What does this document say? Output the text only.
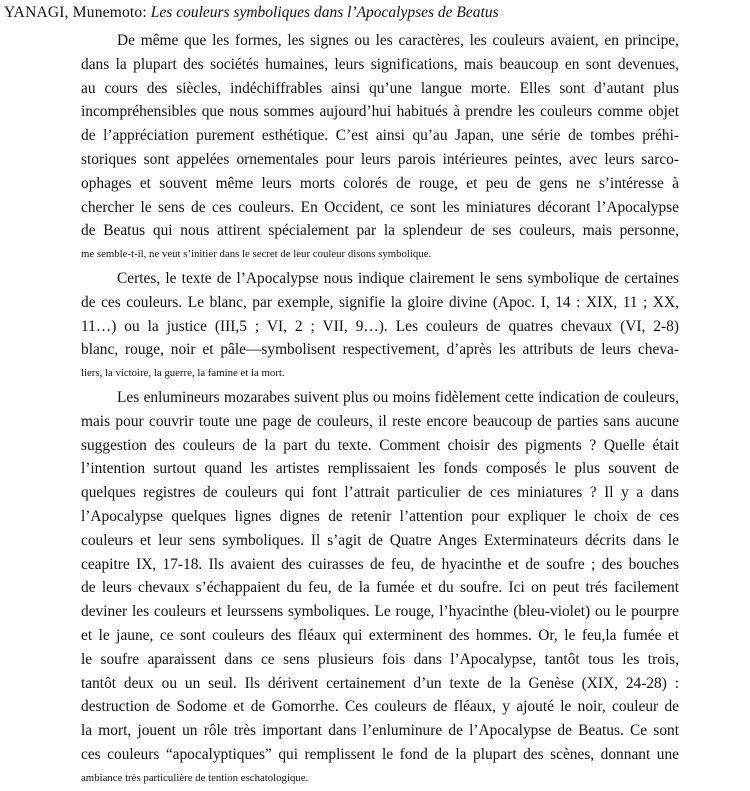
YANAGI, Munemoto: Les couleurs symboliques dans l’Apocalypses de Beatus
De même que les formes, les signes ou les caractères, les couleurs avaient, en principe,
dans la plupart des sociétés humaines, leurs significations, mais beaucoup en sont devenues,
au cours des siècles, indéchiffrables ainsi qu’une langue morte. Elles sont d’autant plus
incompréhensibles que nous sommes aujourd’hui habitués à prendre les couleurs comme objet
de l’appréciation purement esthétique. C’est ainsi qu’au Japan, une série de tombes préhi-
storiques sont appelées ornementales pour leurs parois intérieures peintes, avec leurs sarco-
ophages et souvent même leurs morts colorés de rouge, et peu de gens ne s’intéresse à
chercher le sens de ces couleurs. En Occident, ce sont les miniatures décorant l’Apocalypse
de Beatus qui nous attirent spécialement par la splendeur de ses couleurs, mais personne,
me semble-t-il, ne veut s’initier dans le secret de leur couleur disons symbolique.
Certes, le texte de l’Apocalypse nous indique clairement le sens symbolique de certaines
de ces couleurs. Le blanc, par exemple, signifie la gloire divine (Apoc. I, 14 : XIX, 11 ; XX,
11…) ou la justice (III,5 ; VI, 2 ; VII, 9…). Les couleurs de quatres chevaux (VI, 2-8)
blanc, rouge, noir et pâle—symbolisent respectivement, d’après les attributs de leurs cheva-
liers, la victoire, la guerre, la famine et la mort.
Les enlumineurs mozarabes suivent plus ou moins fidèlement cette indication de couleurs,
mais pour couvrir toute une page de couleurs, il reste encore beaucoup de parties sans aucune
suggestion des couleurs de la part du texte. Comment choisir des pigments ? Quelle était
l’intention surtout quand les artistes remplissaient les fonds composés le plus souvent de
quelques registres de couleurs qui font l’attrait particulier de ces miniatures ? Il y a dans
l’Apocalypse quelques lignes dignes de retenir l’attention pour expliquer le choix de ces
couleurs et leur sens symboliques. Il s’agit de Quatre Anges Exterminateurs décrits dans le
ceapitre IX, 17-18. Ils avaient des cuirasses de feu, de hyacinthe et de soufre ; des bouches
de leurs chevaux s’échappaient du feu, de la fumée et du soufre. Ici on peut trés facilement
deviner les couleurs et leurssens symboliques. Le rouge, l’hyacinthe (bleu-violet) ou le pourpre
et le jaune, ce sont couleurs des fléaux qui exterminent des hommes. Or, le feu,la fumée et
le soufre aparaissent dans ce sens plusieurs fois dans l’Apocalypse, tantôt tous les trois,
tantôt deux ou un seul. Ils dérivent certainement d’un texte de la Genèse (XIX, 24-28) :
destruction de Sodome et de Gomorrhe. Ces couleurs de fléaux, y ajouté le noir, couleur de
la mort, jouent un rôle très important dans l’enluminure de l’Apocalypse de Beatus. Ce sont
ces couleurs “apocalyptiques” qui remplissent le fond de la plupart des scènes, donnant une
ambiance très particulière de tention eschatologique.
